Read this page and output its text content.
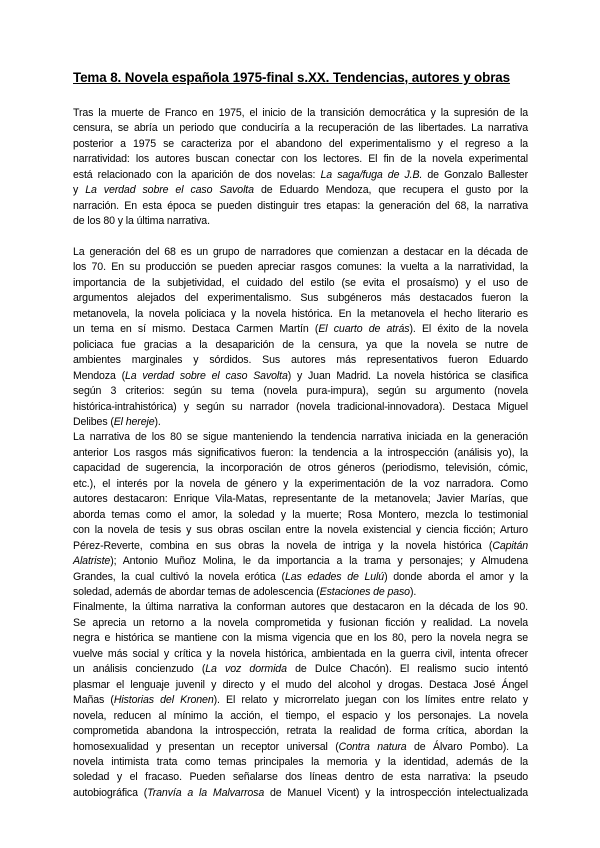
Tema 8. Novela española 1975-final s.XX. Tendencias, autores y obras

Tras la muerte de Franco en 1975, el inicio de la transición democrática y la supresión de la
censura, se abría un periodo que conduciría a la recuperación de las libertades. La narrativa
posterior a 1975 se caracteriza por el abandono del experimentalismo y el regreso a la
narratividad: los autores buscan conectar con los lectores. El fin de la novela experimental
está relacionado con la aparición de dos novelas: La saga/fuga de J.B. de Gonzalo Ballester
y La verdad sobre el caso Savolta de Eduardo Mendoza, que recupera el gusto por la
narración. En esta época se pueden distinguir tres etapas: la generación del 68, la narrativa
de los 80 y la última narrativa.

La generación del 68 es un grupo de narradores que comienzan a destacar en la década de
los 70. En su producción se pueden apreciar rasgos comunes: la vuelta a la narratividad, la
importancia de la subjetividad, el cuidado del estilo (se evita el prosaísmo) y el uso de
argumentos alejados del experimentalismo. Sus subgéneros más destacados fueron la
metanovela, la novela policiaca y la novela histórica. En la metanovela el hecho literario es
un tema en sí mismo. Destaca Carmen Martín (El cuarto de atrás). El éxito de la novela
policiaca fue gracias a la desaparición de la censura, ya que la novela se nutre de
ambientes marginales y sórdidos. Sus autores más representativos fueron Eduardo
Mendoza (La verdad sobre el caso Savolta) y Juan Madrid. La novela histórica se clasifica
según 3 criterios: según su tema (novela pura-impura), según su argumento (novela
histórica-intrahistórica) y según su narrador (novela tradicional-innovadora). Destaca Miguel
Delibes (El hereje).

La narrativa de los 80 se sigue manteniendo la tendencia narrativa iniciada en la generación
anterior Los rasgos más significativos fueron: la tendencia a la introspección (análisis yo), la
capacidad de sugerencia, la incorporación de otros géneros (periodismo, televisión, cómic,
etc.), el interés por la novela de género y la experimentación de la voz narradora. Como
autores destacaron: Enrique Vila-Matas, representante de la metanovela; Javier Marías, que
aborda temas como el amor, la soledad y la muerte; Rosa Montero, mezcla lo testimonial
con la novela de tesis y sus obras oscilan entre la novela existencial y ciencia ficción; Arturo
Pérez-Reverte, combina en sus obras la novela de intriga y la novela histórica (Capitán
Alatriste); Antonio Muñoz Molina, le da importancia a la trama y personajes; y Almudena
Grandes, la cual cultivó la novela erótica (Las edades de Lulú) donde aborda el amor y la
soledad, además de abordar temas de adolescencia (Estaciones de paso).

Finalmente, la última narrativa la conforman autores que destacaron en la década de los 90.
Se aprecia un retorno a la novela comprometida y fusionan ficción y realidad. La novela
negra e histórica se mantiene con la misma vigencia que en los 80, pero la novela negra se
vuelve más social y crítica y la novela histórica, ambientada en la guerra civil, intenta ofrecer
un análisis concienzudo (La voz dormida de Dulce Chacón). El realismo sucio intentó
plasmar el lenguaje juvenil y directo y el mudo del alcohol y drogas. Destaca José Ángel
Mañas (Historias del Kronen). El relato y microrrelato juegan con los límites entre relato y
novela, reducen al mínimo la acción, el tiempo, el espacio y los personajes. La novela
comprometida abandona la introspección, retrata la realidad de forma crítica, abordan la
homosexualidad y presentan un receptor universal (Contra natura de Álvaro Pombo). La
novela intimista trata como temas principales la memoria y la identidad, además de la
soledad y el fracaso. Pueden señalarse dos líneas dentro de esta narrativa: la pseudo
autobiográfica (Tranvía a la Malvarrosa de Manuel Vicent) y la introspección intelectualizada
